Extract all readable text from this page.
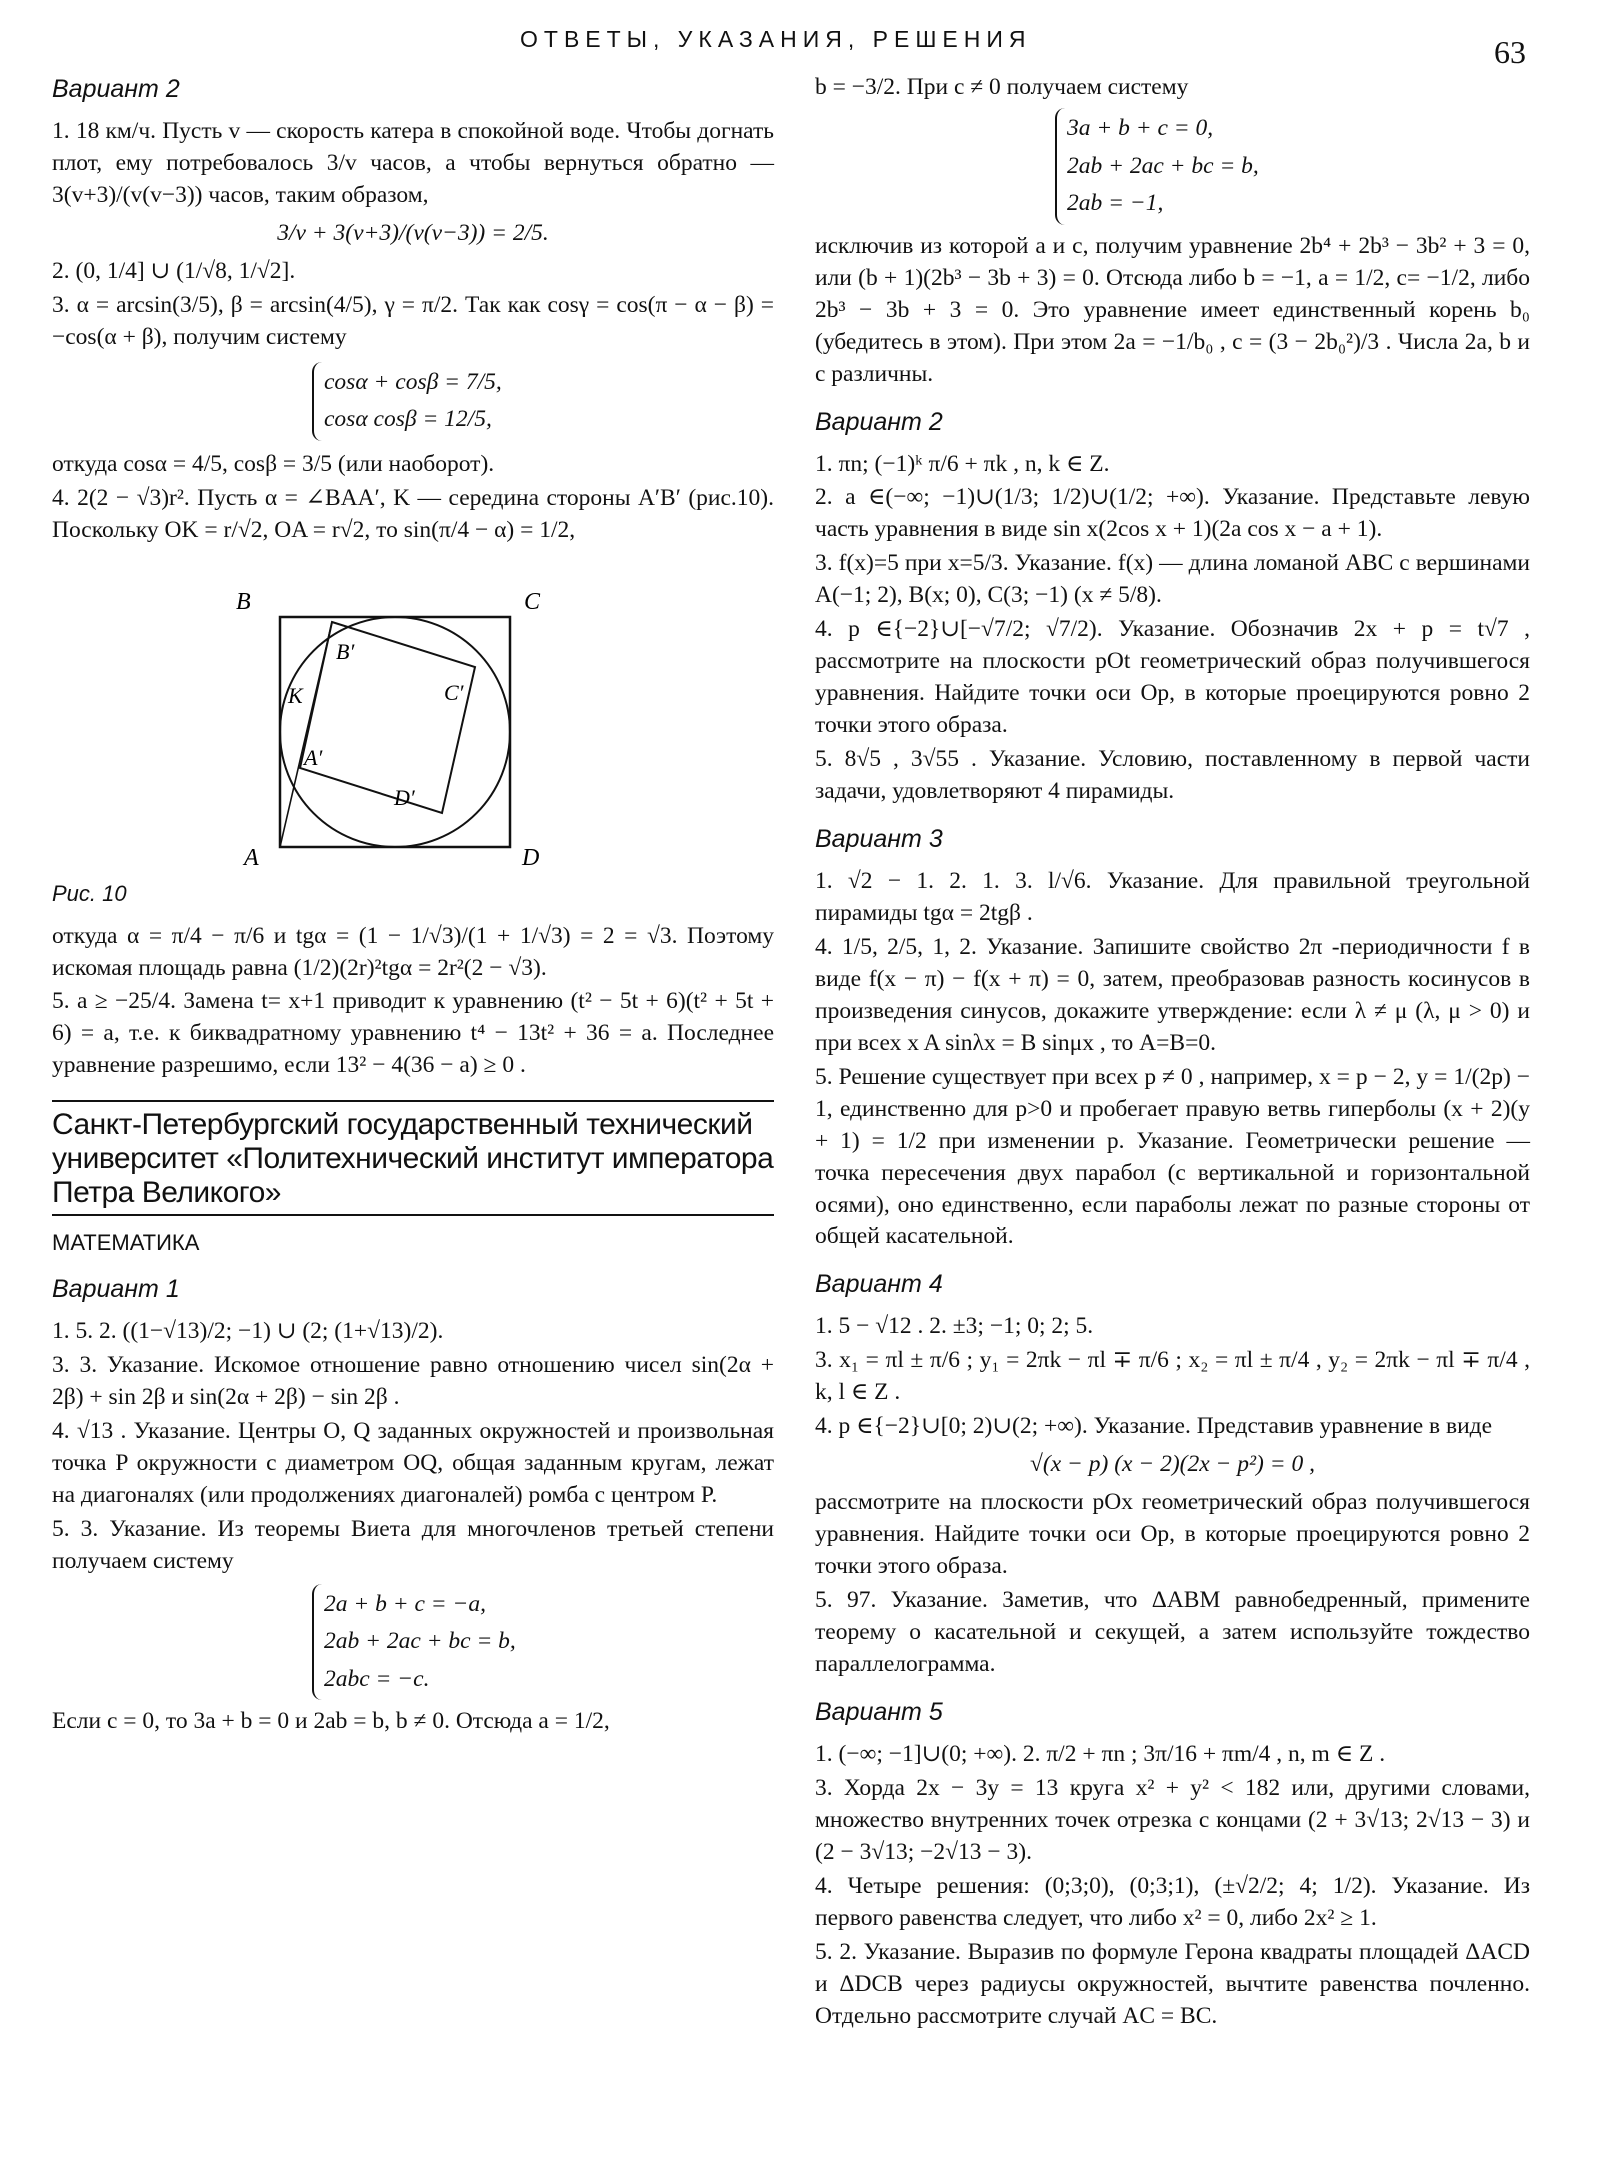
ОТВЕТЫ, УКАЗАНИЯ, РЕШЕНИЯ	63
Вариант 2

1. 18 км/ч. Пусть v — скорость катера в спокойной воде. Чтобы догнать плот, ему потребовалось 3/v часов, а чтобы вернуться обратно — 3(v+3)/(v(v−3)) часов, таким образом,

3/v + 3(v+3)/(v(v−3)) = 2/5.

2. (0, 1/4] ∪ (1/√8, 1/√2].

3. α = arcsin(3/5), β = arcsin(4/5), γ = π/2. Так как cosγ = cos(π − α − β) = −cos(α + β), получим систему

cosα + cosβ = 7/5,
cosα cosβ = 12/5,

откуда cosα = 4/5, cosβ = 3/5 (или наоборот).

4. 2(2 − √3)r². Пусть α = ∠BAA′, K — середина стороны A′B′ (рис.10). Поскольку OK = r/√2, OA = r√2, то sin(π/4 − α) = 1/2,

B	C
A	D
B′
C′
A′
D′
K
Рис. 10

откуда α = π/4 − π/6 и tgα = (1 − 1/√3)/(1 + 1/√3) = 2 = √3. Поэтому искомая площадь равна (1/2)(2r)²tgα = 2r²(2 − √3).

5. a ≥ −25/4. Замена t= x+1 приводит к уравнению (t² − 5t + 6)(t² + 5t + 6) = a, т.е. к биквадратному уравнению t⁴ − 13t² + 36 = a. Последнее уравнение разрешимо, если 13² − 4(36 − a) ≥ 0 .

Санкт-Петербургский государственный технический университет «Политехнический институт императора Петра Великого»
МАТЕМАТИКА
Вариант 1

1. 5. 2. ((1−√13)/2; −1) ∪ (2; (1+√13)/2).

3. 3. Указание. Искомое отношение равно отношению чисел sin(2α + 2β) + sin 2β и sin(2α + 2β) − sin 2β .

4. √13 . Указание. Центры O, Q заданных окружностей и произвольная точка P окружности с диаметром OQ, общая заданным кругам, лежат на диагоналях (или продолжениях диагоналей) ромба с центром P.

5. 3. Указание. Из теоремы Виета для многочленов третьей степени получаем систему

2a + b + c = −a,
2ab + 2ac + bc = b,
2abc = −c.

Если c = 0, то 3a + b = 0 и 2ab = b, b ≠ 0. Отсюда a = 1/2,

b = −3/2. При c ≠ 0 получаем систему

3a + b + c = 0,
2ab + 2ac + bc = b,
2ab = −1,

исключив из которой a и c, получим уравнение 2b⁴ + 2b³ − 3b² + 3 = 0, или (b + 1)(2b³ − 3b + 3) = 0. Отсюда либо b = −1, a = 1/2, c= −1/2, либо 2b³ − 3b + 3 = 0. Это уравнение имеет единственный корень b₀ (убедитесь в этом). При этом 2a = −1/b₀ , c = (3 − 2b₀²)/3 . Числа 2a, b и c различны.

Вариант 2

1. πn; (−1)ᵏ π/6 + πk , n, k ∈ Z.

2. a ∈(−∞; −1)∪(1/3; 1/2)∪(1/2; +∞). Указание. Представьте левую часть уравнения в виде sin x(2cos x + 1)(2a cos x − a + 1).

3. f(x)=5 при x=5/3. Указание. f(x) — длина ломаной ABC с вершинами A(−1; 2), B(x; 0), C(3; −1) (x ≠ 5/8).

4. p ∈{−2}∪[−√7/2; √7/2). Указание. Обозначив 2x + p = t√7 , рассмотрите на плоскости pOt геометрический образ получившегося уравнения. Найдите точки оси Op, в которые проецируются ровно 2 точки этого образа.

5. 8√5 , 3√55 . Указание. Условию, поставленному в первой части задачи, удовлетворяют 4 пирамиды.

Вариант 3

1. √2 − 1. 2. 1. 3. l/√6. Указание. Для правильной треугольной пирамиды tgα = 2tgβ .

4. 1/5, 2/5, 1, 2. Указание. Запишите свойство 2π -периодичности f в виде f(x − π) − f(x + π) = 0, затем, преобразовав разность косинусов в произведения синусов, докажите утверждение: если λ ≠ μ (λ, μ > 0) и при всех x A sinλx = B sinμx , то A=B=0.

5. Решение существует при всех p ≠ 0 , например, x = p − 2, y = 1/(2p) − 1, единственно для p>0 и пробегает правую ветвь гиперболы (x + 2)(y + 1) = 1/2 при изменении p. Указание. Геометрически решение — точка пересечения двух парабол (с вертикальной и горизонтальной осями), оно единственно, если параболы лежат по разные стороны от общей касательной.

Вариант 4

1. 5 − √12 . 2. ±3; −1; 0; 2; 5.

3. x₁ = πl ± π/6 ; y₁ = 2πk − πl ∓ π/6 ; x₂ = πl ± π/4 , y₂ = 2πk − πl ∓ π/4 , k, l ∈ Z .

4. p ∈{−2}∪[0; 2)∪(2; +∞). Указание. Представив уравнение в виде

√(x − p) (x − 2)(2x − p²) = 0 ,

рассмотрите на плоскости pOx геометрический образ получившегося уравнения. Найдите точки оси Op, в которые проецируются ровно 2 точки этого образа.

5. 97. Указание. Заметив, что ΔABM равнобедренный, примените теорему о касательной и секущей, а затем используйте тождество параллелограмма.

Вариант 5

1. (−∞; −1]∪(0; +∞). 2. π/2 + πn ; 3π/16 + πm/4 , n, m ∈ Z .

3. Хорда 2x − 3y = 13 круга x² + y² < 182 или, другими словами, множество внутренних точек отрезка с концами (2 + 3√13; 2√13 − 3) и (2 − 3√13; −2√13 − 3).

4. Четыре решения: (0;3;0), (0;3;1), (±√2/2; 4; 1/2). Указание. Из первого равенства следует, что либо x² = 0, либо 2x² ≥ 1.

5. 2. Указание. Выразив по формуле Герона квадраты площадей ΔACD и ΔDCB через радиусы окружностей, вычтите равенства почленно. Отдельно рассмотрите случай AC = BC.
